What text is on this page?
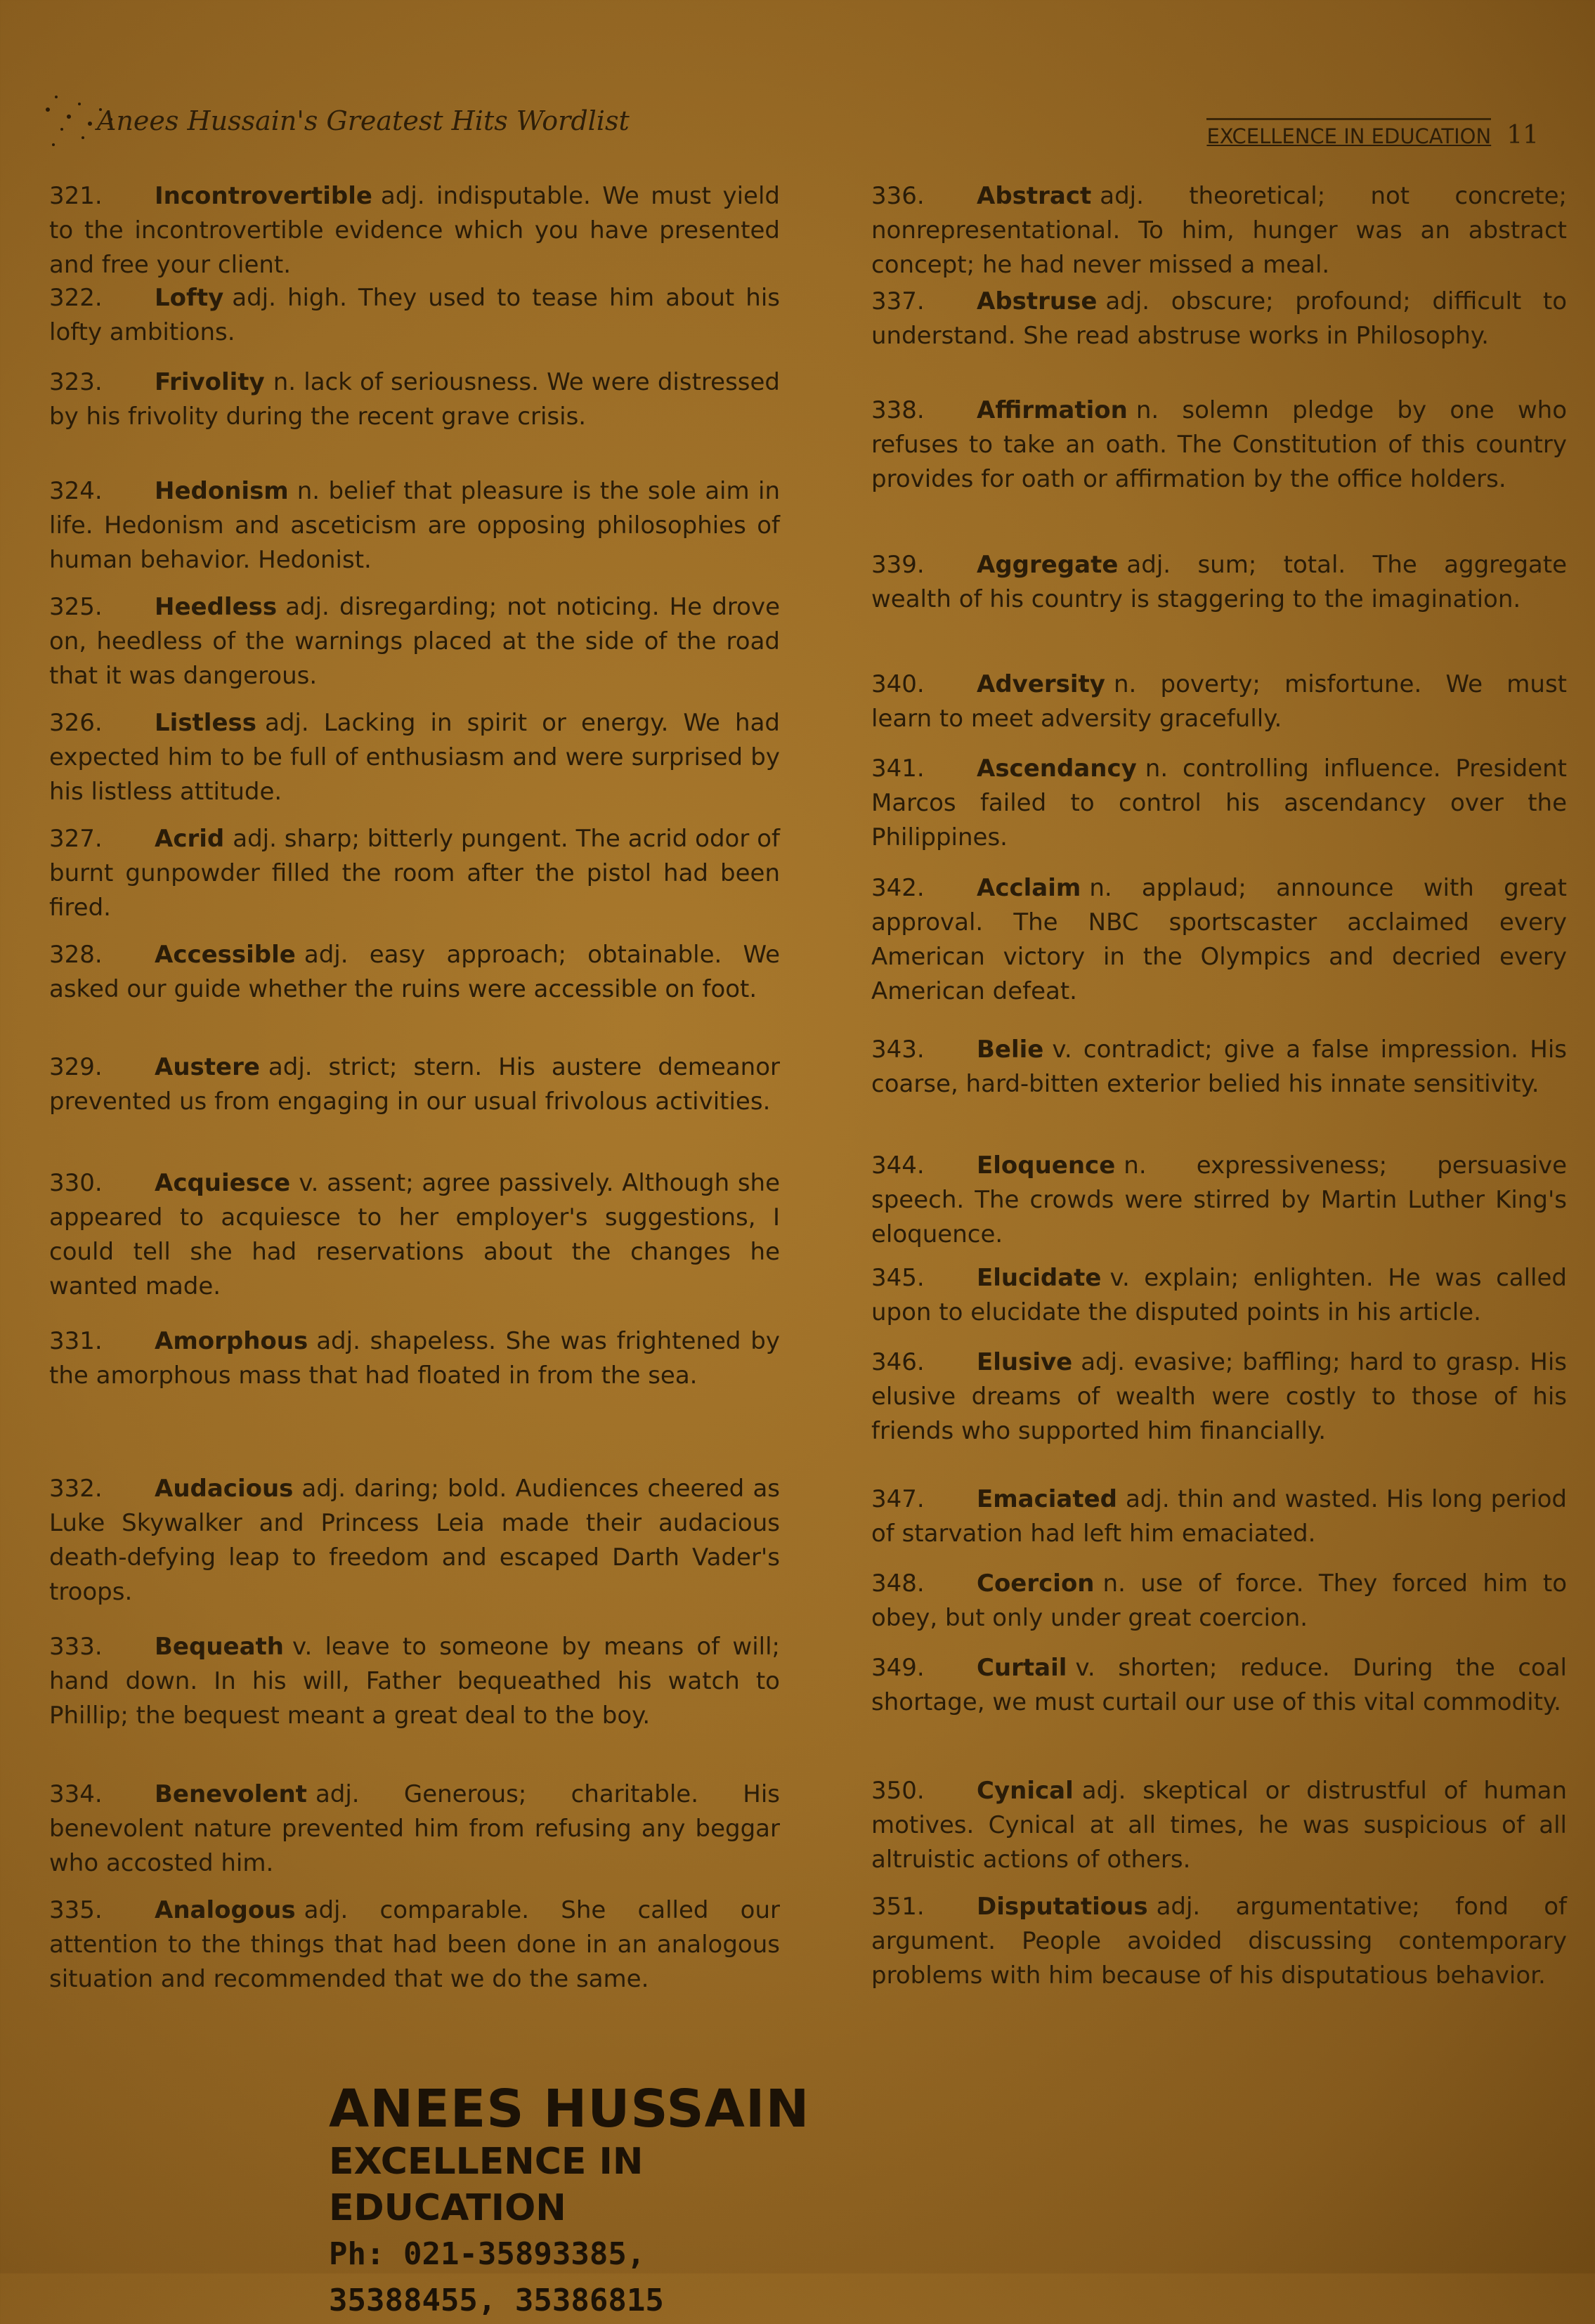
Anees Hussain's Greatest Hits Wordlist	EXCELLENCE IN EDUCATION 11

321. Incontrovertible adj. indisputable. We must yield to the incontrovertible evidence which you have presented and free your client.

322. Lofty adj. high. They used to tease him about his lofty ambitions.

323. Frivolity n. lack of seriousness. We were distressed by his frivolity during the recent grave crisis.

324. Hedonism n. belief that pleasure is the sole aim in life. Hedonism and asceticism are opposing philosophies of human behavior. Hedonist.

325. Heedless adj. disregarding; not noticing. He drove on, heedless of the warnings placed at the side of the road that it was dangerous.

326. Listless adj. Lacking in spirit or energy. We had expected him to be full of enthusiasm and were surprised by his listless attitude.

327. Acrid adj. sharp; bitterly pungent. The acrid odor of burnt gunpowder filled the room after the pistol had been fired.

328. Accessible adj. easy approach; obtainable. We asked our guide whether the ruins were accessible on foot.

329. Austere adj. strict; stern. His austere demeanor prevented us from engaging in our usual frivolous activities.

330. Acquiesce v. assent; agree passively. Although she appeared to acquiesce to her employer's suggestions, I could tell she had reservations about the changes he wanted made.

331. Amorphous adj. shapeless. She was frightened by the amorphous mass that had floated in from the sea.

332. Audacious adj. daring; bold. Audiences cheered as Luke Skywalker and Princess Leia made their audacious death-defying leap to freedom and escaped Darth Vader's troops.

333. Bequeath v. leave to someone by means of will; hand down. In his will, Father bequeathed his watch to Phillip; the bequest meant a great deal to the boy.

334. Benevolent adj. Generous; charitable. His benevolent nature prevented him from refusing any beggar who accosted him.

335. Analogous adj. comparable. She called our attention to the things that had been done in an analogous situation and recommended that we do the same.

336. Abstract adj. theoretical; not concrete; nonrepresentational. To him, hunger was an abstract concept; he had never missed a meal.

337. Abstruse adj. obscure; profound; difficult to understand. She read abstruse works in Philosophy.

338. Affirmation n. solemn pledge by one who refuses to take an oath. The Constitution of this country provides for oath or affirmation by the office holders.

339. Aggregate adj. sum; total. The aggregate wealth of his country is staggering to the imagination.

340. Adversity n. poverty; misfortune. We must learn to meet adversity gracefully.

341. Ascendancy n. controlling influence. President Marcos failed to control his ascendancy over the Philippines.

342. Acclaim n. applaud; announce with great approval. The NBC sportscaster acclaimed every American victory in the Olympics and decried every American defeat.

343. Belie v. contradict; give a false impression. His coarse, hard-bitten exterior belied his innate sensitivity.

344. Eloquence n. expressiveness; persuasive speech. The crowds were stirred by Martin Luther King's eloquence.

345. Elucidate v. explain; enlighten. He was called upon to elucidate the disputed points in his article.

346. Elusive adj. evasive; baffling; hard to grasp. His elusive dreams of wealth were costly to those of his friends who supported him financially.

347. Emaciated adj. thin and wasted. His long period of starvation had left him emaciated.

348. Coercion n. use of force. They forced him to obey, but only under great coercion.

349. Curtail v. shorten; reduce. During the coal shortage, we must curtail our use of this vital commodity.

350. Cynical adj. skeptical or distrustful of human motives. Cynical at all times, he was suspicious of all altruistic actions of others.

351. Disputatious adj. argumentative; fond of argument. People avoided discussing contemporary problems with him because of his disputatious behavior.

ANEES HUSSAIN
EXCELLENCE IN EDUCATION
Ph: 021-35893385, 35388455, 35386815
